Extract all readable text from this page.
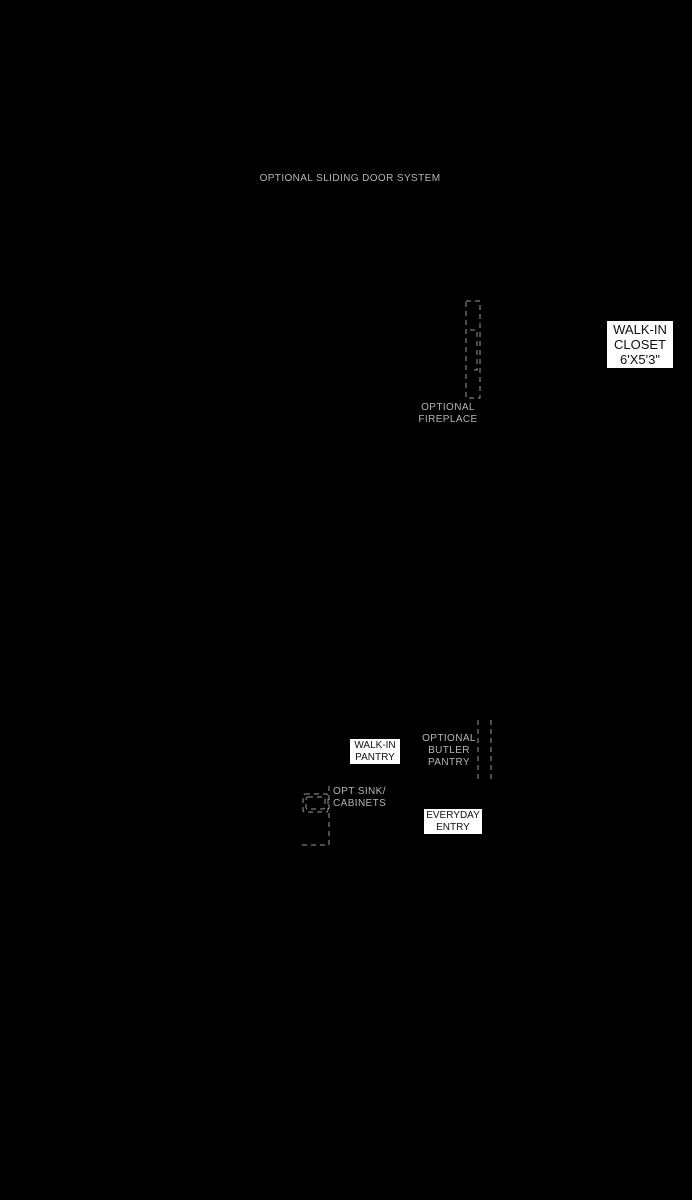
OPTIONAL SLIDING DOOR SYSTEM
OPTIONAL
FIREPLACE
WALK-IN
CLOSET
6'X5'3"
WALK-IN
PANTRY
OPTIONAL
BUTLER
PANTRY
OPT SINK/
CABINETS
EVERYDAY
ENTRY
